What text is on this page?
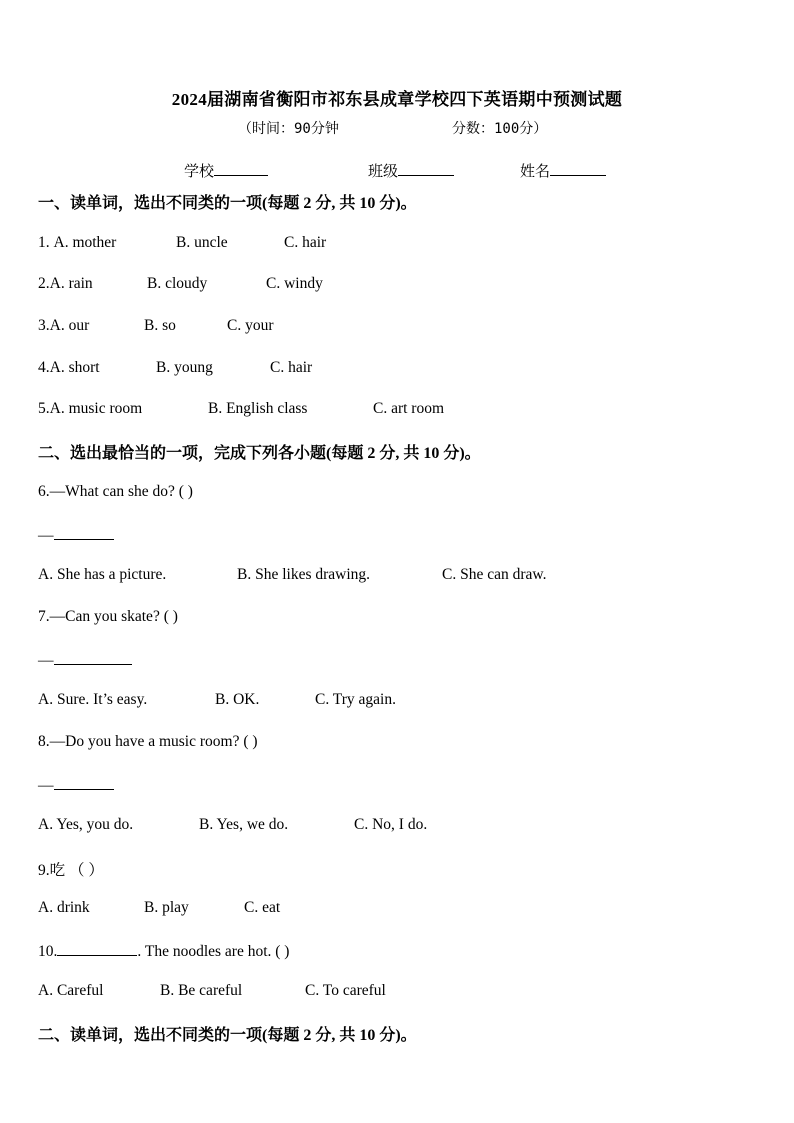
2024届湖南省衡阳市祁东县成章学校四下英语期中预测试题
（时间：90分钟	分数：100分）
学校	班级	姓名
一、读单词，选出不同类的一项(每题 2 分, 共 10 分)。
1. A. mother	B. uncle	C. hair
2.A. rain	B. cloudy	C. windy
3.A. our	B. so	C. your
4.A. short	B. young	C. hair
5.A. music room	B. English class	C. art room
二、选出最恰当的一项，完成下列各小题(每题 2 分, 共 10 分)。
6.—What can she do? ( )
—
A. She has a picture.	B. She likes drawing.	C. She can draw.
7.—Can you skate? ( )
—
A. Sure. It’s easy.	B. OK.	C. Try again.
8.—Do you have a music room? ( )
—
A. Yes, you do.	B. Yes, we do.	C. No, I do.
9.吃 （ ）
A. drink	B. play	C. eat
10.	. The noodles are hot. ( )
A. Careful	B. Be careful	C. To careful
二、读单词，选出不同类的一项(每题 2 分, 共 10 分)。
